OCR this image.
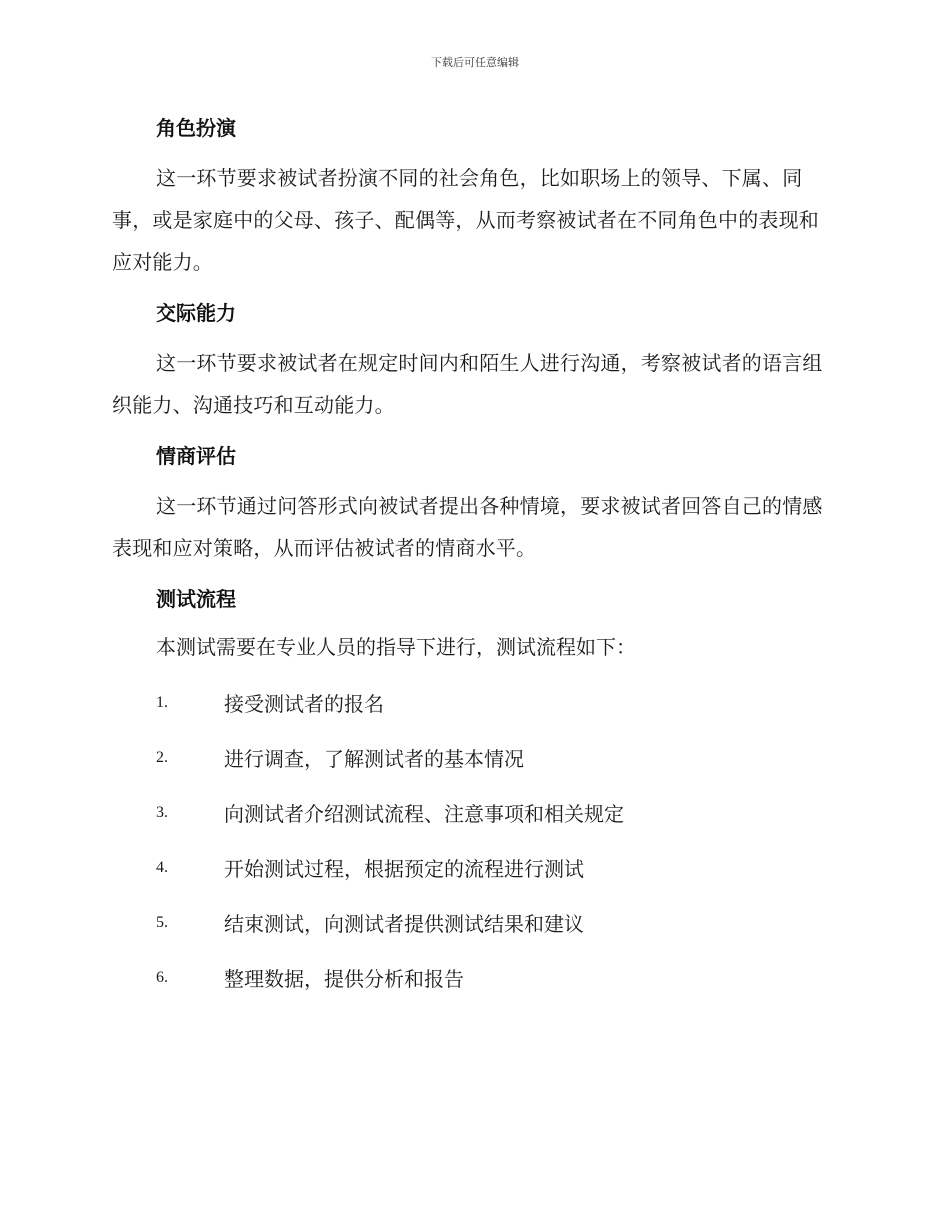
下载后可任意编辑
角色扮演

这一环节要求被试者扮演不同的社会角色，比如职场上的领导、下属、同事，或是家庭中的父母、孩子、配偶等，从而考察被试者在不同角色中的表现和应对能力。

交际能力

这一环节要求被试者在规定时间内和陌生人进行沟通，考察被试者的语言组织能力、沟通技巧和互动能力。

情商评估

这一环节通过问答形式向被试者提出各种情境，要求被试者回答自己的情感表现和应对策略，从而评估被试者的情商水平。

测试流程

本测试需要在专业人员的指导下进行，测试流程如下：

1.	接受测试者的报名
2.	进行调查，了解测试者的基本情况
3.	向测试者介绍测试流程、注意事项和相关规定
4.	开始测试过程，根据预定的流程进行测试
5.	结束测试，向测试者提供测试结果和建议
6.	整理数据，提供分析和报告
